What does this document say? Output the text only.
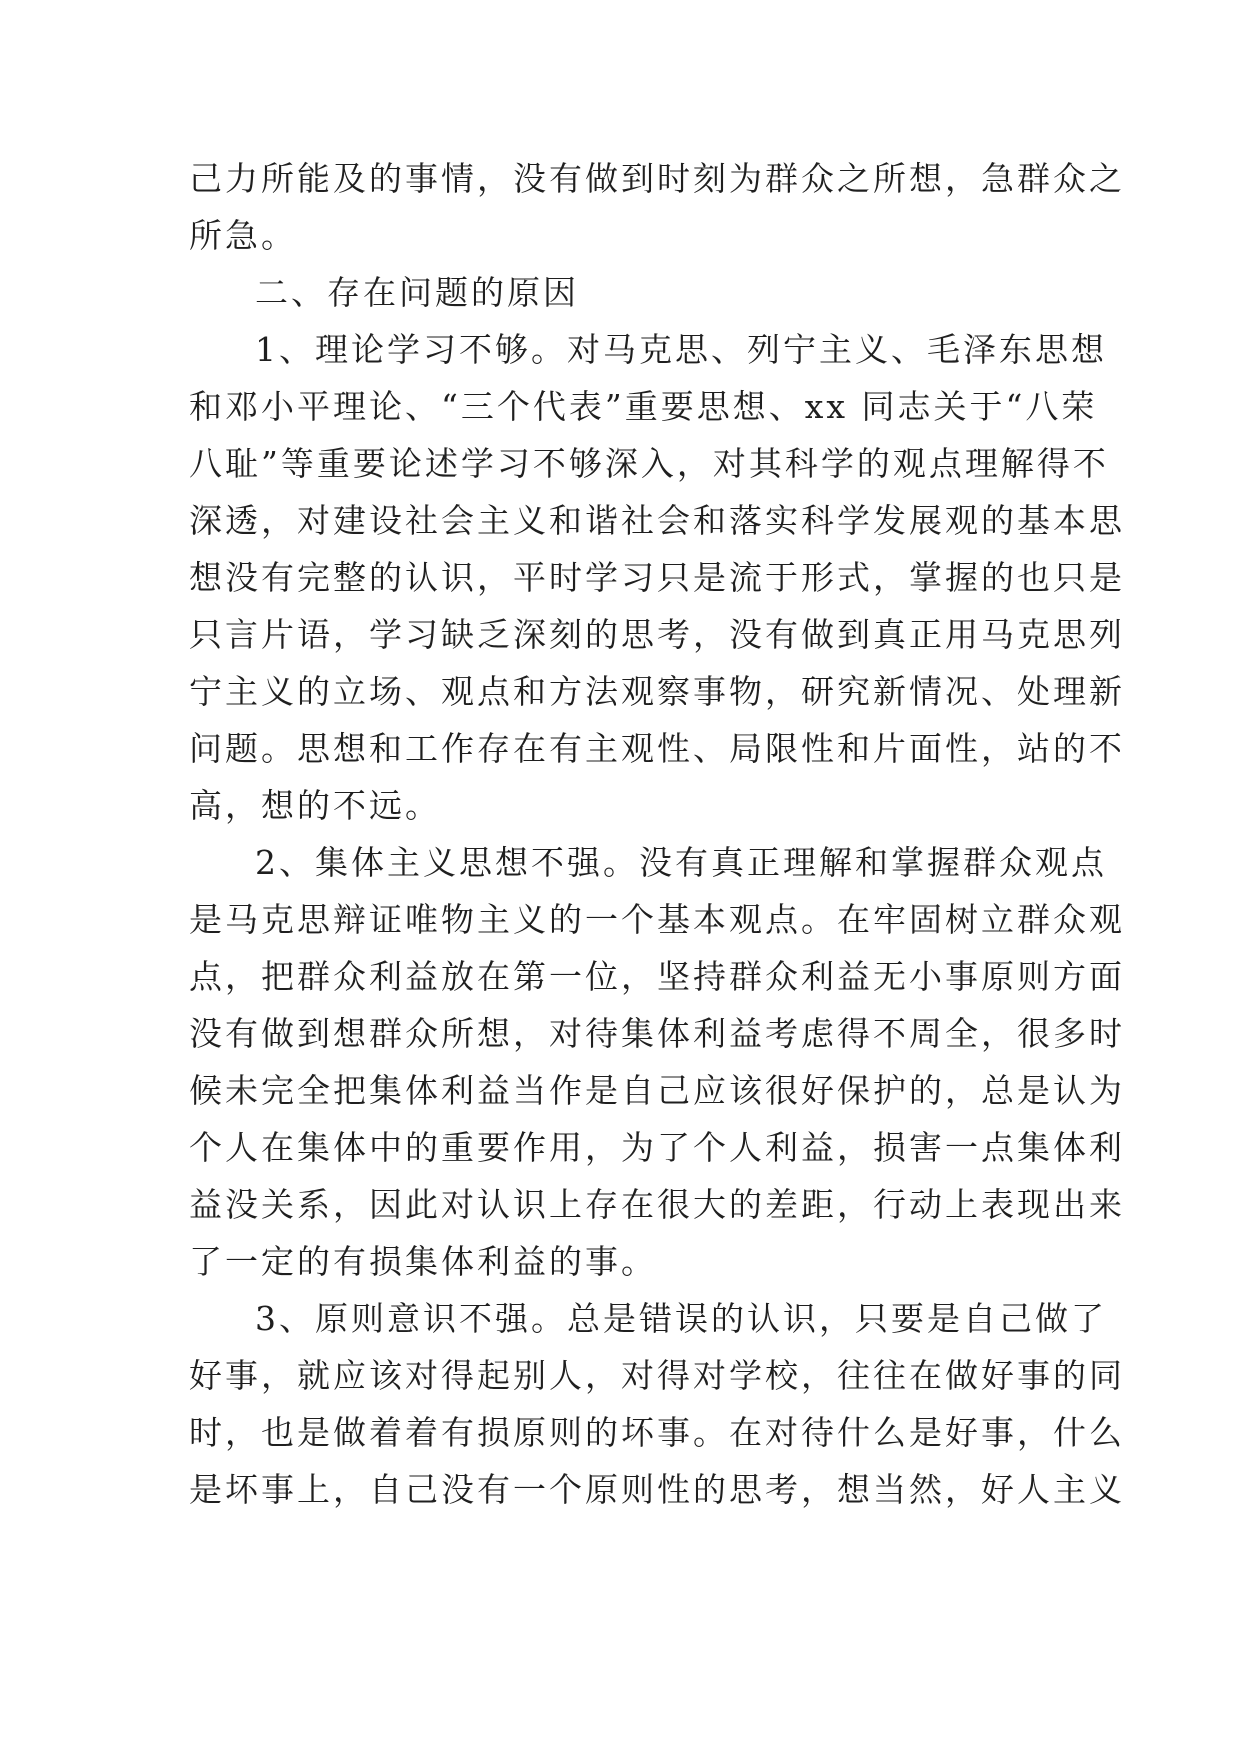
己力所能及的事情，没有做到时刻为群众之所想，急群众之
所急。
二、存在问题的原因
1、理论学习不够。对马克思、列宁主义、毛泽东思想
和邓小平理论、“三个代表”重要思想、xx 同志关于“八荣
八耻”等重要论述学习不够深入，对其科学的观点理解得不
深透，对建设社会主义和谐社会和落实科学发展观的基本思
想没有完整的认识，平时学习只是流于形式，掌握的也只是
只言片语，学习缺乏深刻的思考，没有做到真正用马克思列
宁主义的立场、观点和方法观察事物，研究新情况、处理新
问题。思想和工作存在有主观性、局限性和片面性，站的不
高，想的不远。
2、集体主义思想不强。没有真正理解和掌握群众观点
是马克思辩证唯物主义的一个基本观点。在牢固树立群众观
点，把群众利益放在第一位，坚持群众利益无小事原则方面
没有做到想群众所想，对待集体利益考虑得不周全，很多时
候未完全把集体利益当作是自己应该很好保护的，总是认为
个人在集体中的重要作用，为了个人利益，损害一点集体利
益没关系，因此对认识上存在很大的差距，行动上表现出来
了一定的有损集体利益的事。
3、原则意识不强。总是错误的认识，只要是自己做了
好事，就应该对得起别人，对得对学校，往往在做好事的同
时，也是做着着有损原则的坏事。在对待什么是好事，什么
是坏事上，自己没有一个原则性的思考，想当然，好人主义
